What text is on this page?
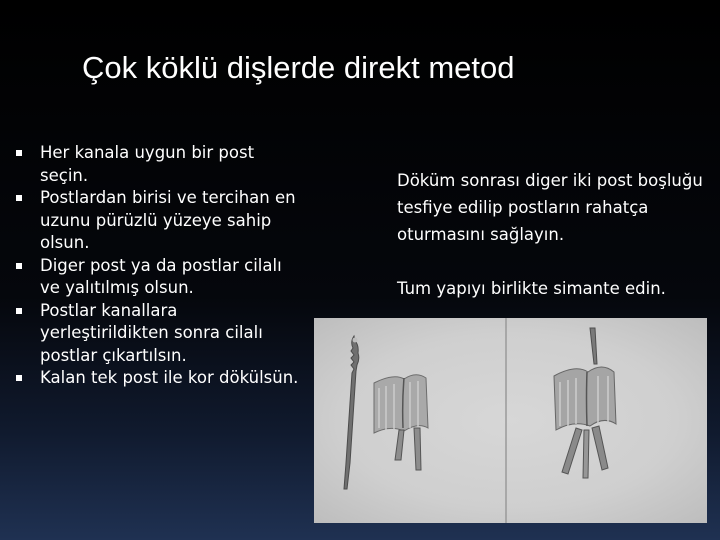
Çok köklü dişlerde direkt metod
Her kanala uygun bir post seçin.
Postlardan birisi ve tercihan en uzunu pürüzlü yüzeye sahip olsun.
Diger post ya da postlar cilalı ve yalıtılmış olsun.
Postlar kanallara yerleştirildikten sonra cilalı postlar çıkartılsın.
Kalan tek post ile kor dökülsün.

Döküm sonrası diger iki post boşluğu tesfiye edilip postların rahatça oturmasını sağlayın.

Tum yapıyı birlikte simante edin.
